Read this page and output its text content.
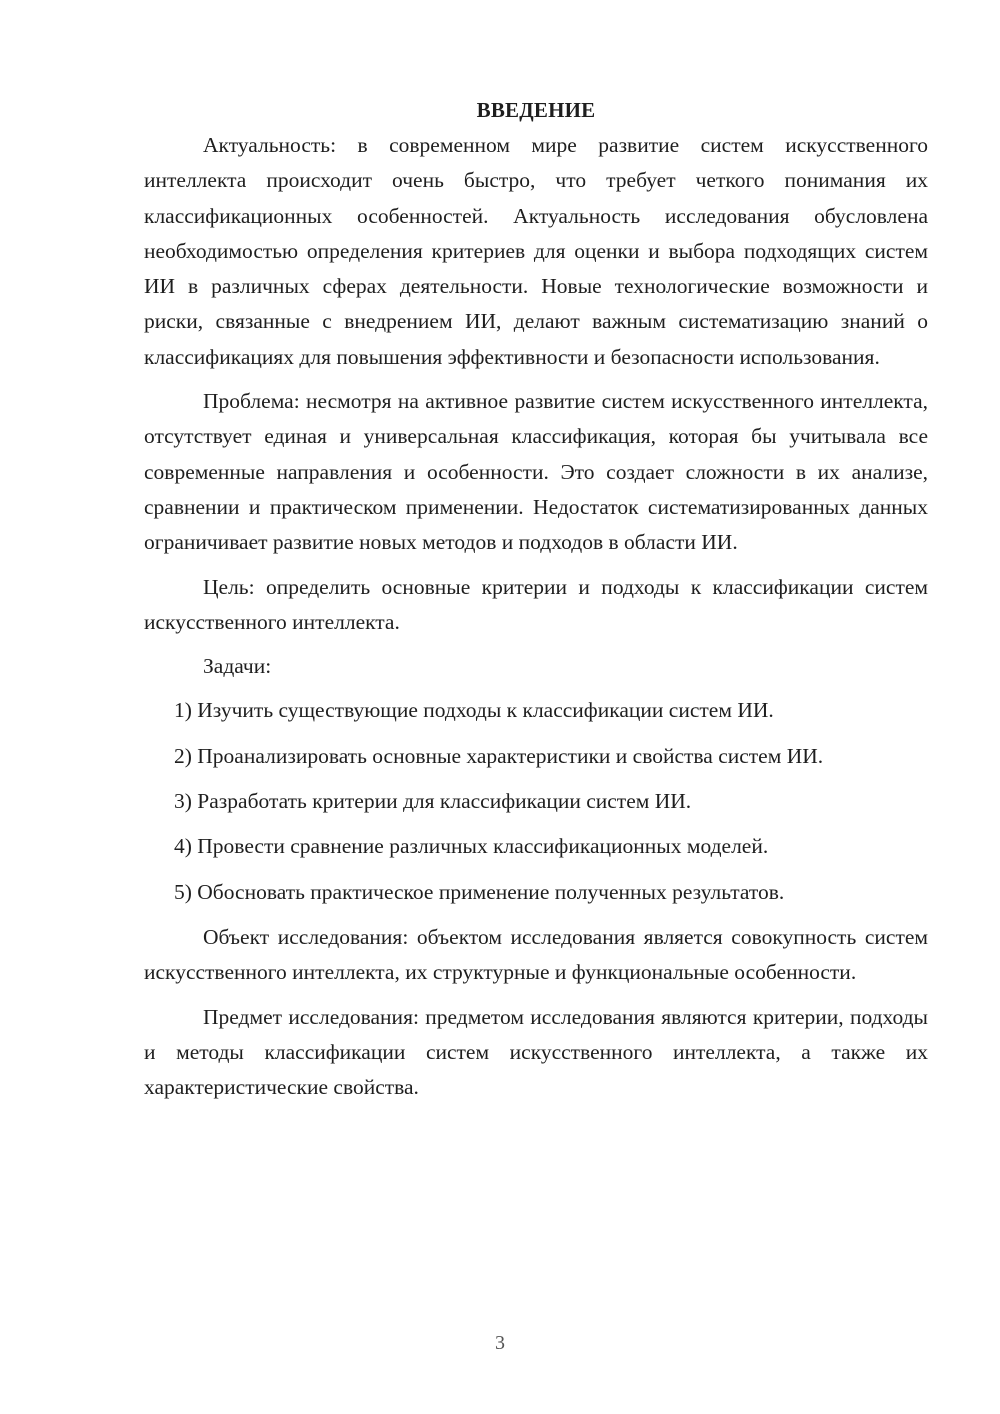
ВВЕДЕНИЕ

Актуальность: в современном мире развитие систем искусственного интеллекта происходит очень быстро, что требует четкого понимания их классификационных особенностей. Актуальность исследования обусловлена необходимостью определения критериев для оценки и выбора подходящих систем ИИ в различных сферах деятельности. Новые технологические возможности и риски, связанные с внедрением ИИ, делают важным систематизацию знаний о классификациях для повышения эффективности и безопасности использования.

Проблема: несмотря на активное развитие систем искусственного интеллекта, отсутствует единая и универсальная классификация, которая бы учитывала все современные направления и особенности. Это создает сложности в их анализе, сравнении и практическом применении. Недостаток систематизированных данных ограничивает развитие новых методов и подходов в области ИИ.

Цель: определить основные критерии и подходы к классификации систем искусственного интеллекта.

Задачи:

1) Изучить существующие подходы к классификации систем ИИ.

2) Проанализировать основные характеристики и свойства систем ИИ.

3) Разработать критерии для классификации систем ИИ.

4) Провести сравнение различных классификационных моделей.

5) Обосновать практическое применение полученных результатов.

Объект исследования: объектом исследования является совокупность систем искусственного интеллекта, их структурные и функциональные особенности.

Предмет исследования: предметом исследования являются критерии, подходы и методы классификации систем искусственного интеллекта, а также их характеристические свойства.

3
